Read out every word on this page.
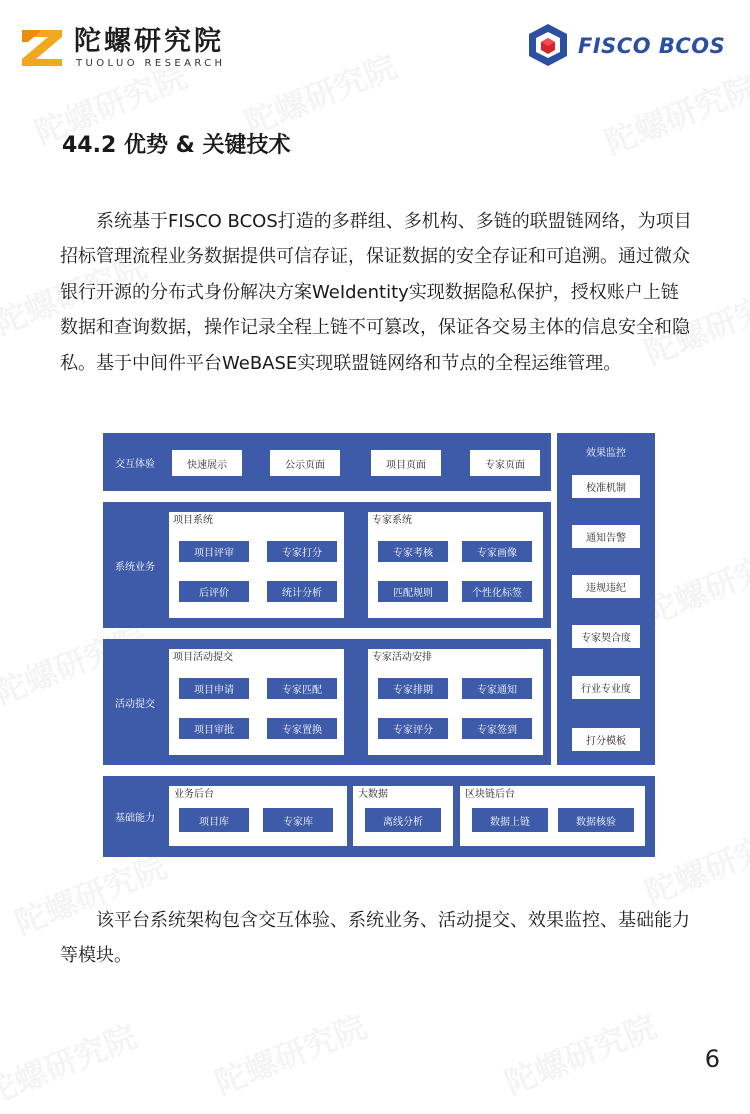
陀螺研究院
TUOLUO RESEARCH
FISCO BCOS
44.2 优势 & 关键技术
系统基于FISCO BCOS打造的多群组、多机构、多链的联盟链网络，为项目招标管理流程业务数据提供可信存证，保证数据的安全存证和可追溯。通过微众银行开源的分布式身份解决方案WeIdentity实现数据隐私保护，授权账户上链数据和查询数据，操作记录全程上链不可篡改，保证各交易主体的信息安全和隐私。基于中间件平台WeBASE实现联盟链网络和节点的全程运维管理。
交互体验	快速展示	公示页面	项目页面	专家页面
系统业务
项目系统
项目评审	专家打分
后评价	统计分析
专家系统
专家考核	专家画像
匹配规则	个性化标签
活动提交
项目活动提交
项目申请	专家匹配
项目审批	专家置换
专家活动安排
专家排期	专家通知
专家评分	专家签到
效果监控
校准机制
通知告警
违规违纪
专家契合度
行业专业度
打分模板
基础能力
业务后台
项目库	专家库
大数据
离线分析
区块链后台
数据上链	数据核验
该平台系统架构包含交互体验、系统业务、活动提交、效果监控、基础能力等模块。
6
